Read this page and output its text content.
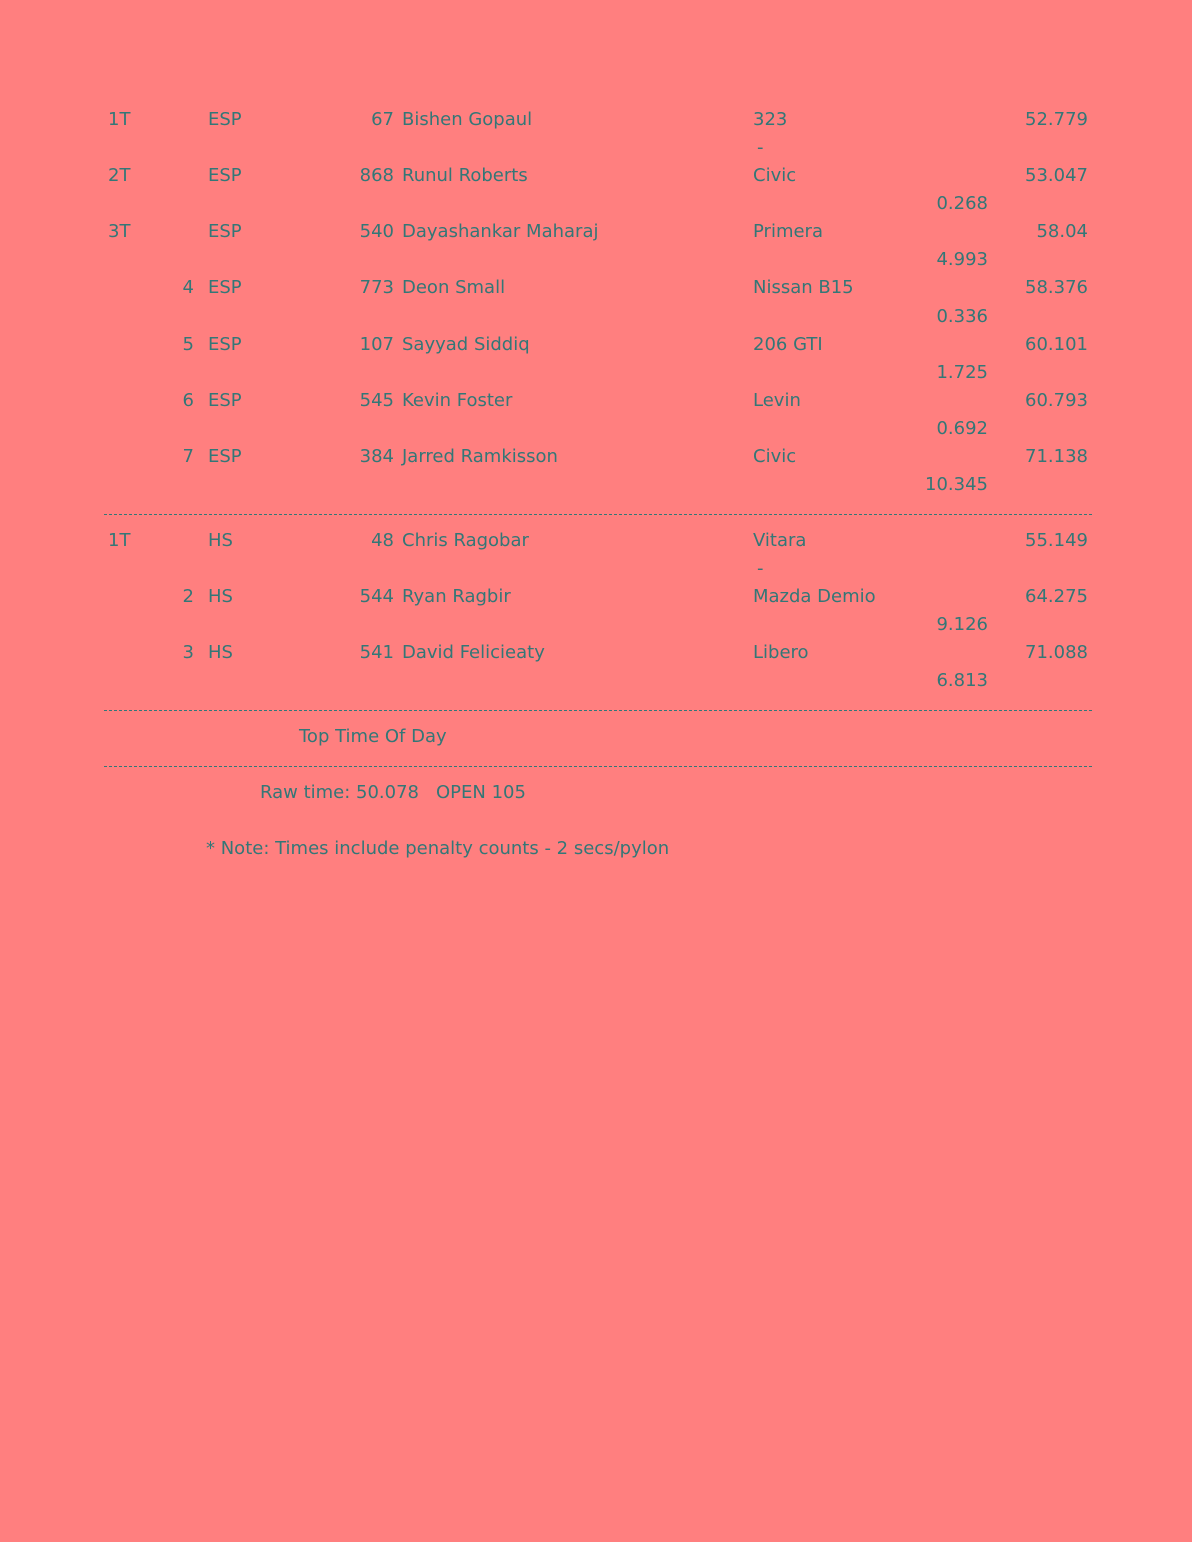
1T	ESP	67 Bishen Gopaul	323	52.779
-
2T	ESP	868 Runul Roberts	Civic	53.047
0.268
3T	ESP	540 Dayashankar Maharaj	Primera	58.04
4.993
4 ESP	773 Deon Small	Nissan B15	58.376
0.336
5 ESP	107 Sayyad Siddiq	206 GTI	60.101
1.725
6 ESP	545 Kevin Foster	Levin	60.793
0.692
7 ESP	384 Jarred Ramkisson	Civic	71.138
10.345
1T	HS	48 Chris Ragobar	Vitara	55.149
-
2 HS	544 Ryan Ragbir	Mazda Demio	64.275
9.126
3 HS	541 David Felicieaty	Libero	71.088
6.813
Top Time Of Day
Raw time: 50.078 OPEN 105
* Note: Times include penalty counts - 2 secs/pylon
